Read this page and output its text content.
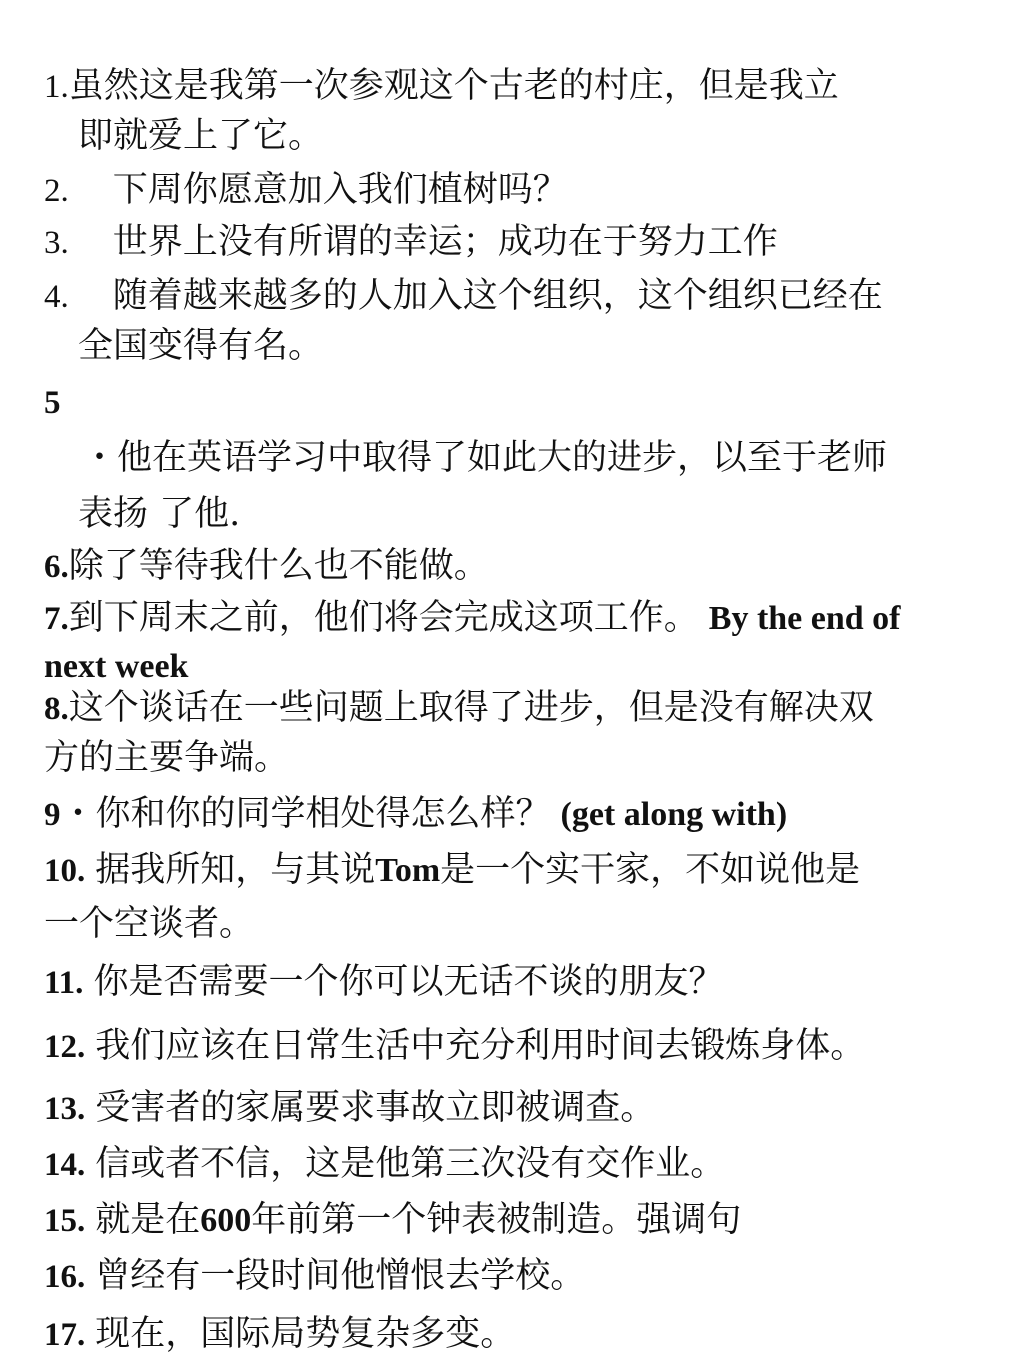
1.虽然这是我第一次参观这个古老的村庄，但是我立
即就爱上了它。
2. 下周你愿意加入我们植树吗？
3. 世界上没有所谓的幸运；成功在于努力工作
4. 随着越来越多的人加入这个组织，这个组织已经在
全国变得有名。
5
・他在英语学习中取得了如此大的进步，以至于老师
表扬 了他.
6.除了等待我什么也不能做。
7.到下周末之前，他们将会完成这项工作。 By the end of
next week
8.这个谈话在一些问题上取得了进步，但是没有解决双
方的主要争端。
9・你和你的同学相处得怎么样？ (get along with)
10. 据我所知，与其说Tom是一个实干家，不如说他是
一个空谈者。
11. 你是否需要一个你可以无话不谈的朋友？
12. 我们应该在日常生活中充分利用时间去锻炼身体。
13. 受害者的家属要求事故立即被调查。
14. 信或者不信，这是他第三次没有交作业。
15. 就是在600年前第一个钟表被制造。强调句
16. 曾经有一段时间他憎恨去学校。
17. 现在，国际局势复杂多变。
